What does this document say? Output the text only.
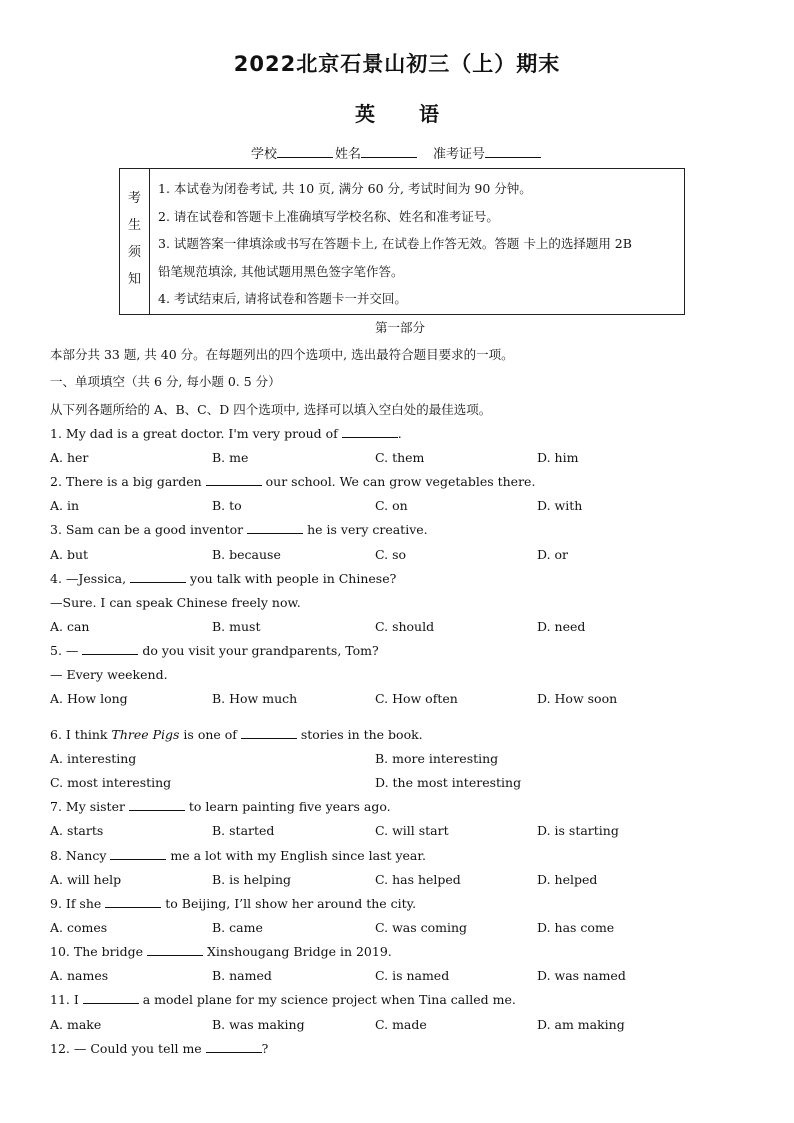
2022北京石景山初三（上）期末
英 语
学校	姓名	准考证号
考
生
须
知
1. 本试卷为闭卷考试, 共 10 页, 满分 60 分, 考试时间为 90 分钟。
2. 请在试卷和答题卡上准确填写学校名称、姓名和准考证号。
3. 试题答案一律填涂或书写在答题卡上, 在试卷上作答无效。答题 卡上的选择题用 2B
铅笔规范填涂, 其他试题用黑色签字笔作答。
4. 考试结束后, 请将试卷和答题卡一并交回。
第一部分
本部分共 33 题, 共 40 分。在每题列出的四个选项中, 选出最符合题目要求的一项。
一、单项填空（共 6 分, 每小题 0. 5 分）
从下列各题所给的 A、B、C、D 四个选项中, 选择可以填入空白处的最佳选项。
1. My dad is a great doctor. I'm very proud of	.
A. her	B. me	C. them	D. him
2. There is a big garden	our school. We can grow vegetables there.
A. in	B. to	C. on	D. with
3. Sam can be a good inventor	he is very creative.
A. but	B. because	C. so	D. or
4. —Jessica,	you talk with people in Chinese?
—Sure. I can speak Chinese freely now.
A. can	B. must	C. should	D. need
5. —	do you visit your grandparents, Tom?
— Every weekend.
A. How long	B. How much	C. How often	D. How soon
6. I think Three Pigs is one of	stories in the book.
A. interesting	B. more interesting
C. most interesting	D. the most interesting
7. My sister	to learn painting five years ago.
A. starts	B. started	C. will start	D. is starting
8. Nancy	me a lot with my English since last year.
A. will help	B. is helping	C. has helped	D. helped
9. If she	to Beijing, I’ll show her around the city.
A. comes	B. came	C. was coming	D. has come
10. The bridge	Xinshougang Bridge in 2019.
A. names	B. named	C. is named	D. was named
11. I	a model plane for my science project when Tina called me.
A. make	B. was making	C. made	D. am making
12. — Could you tell me	?
